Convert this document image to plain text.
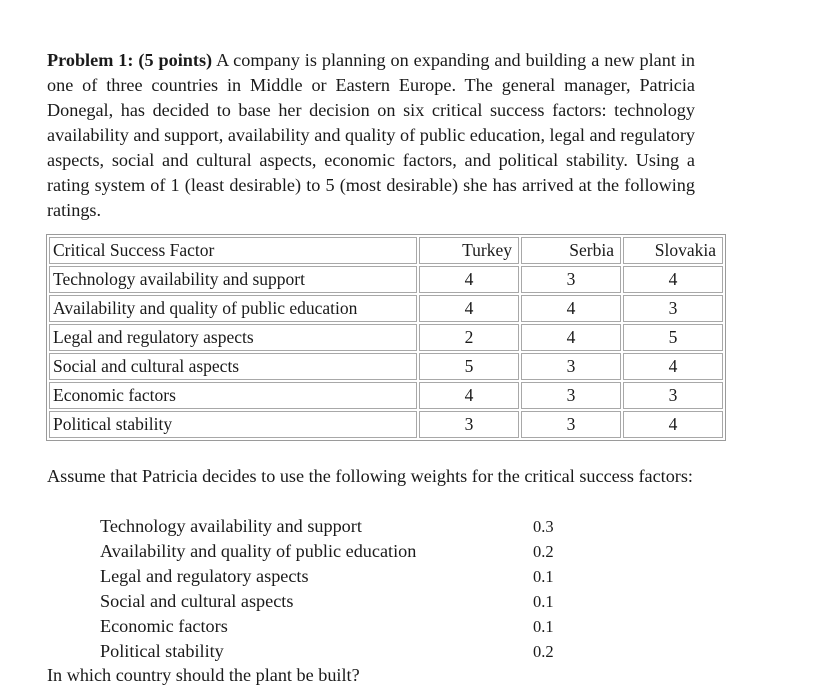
Problem 1: (5 points) A company is planning on expanding and building a new plant in one of three countries in Middle or Eastern Europe. The general manager, Patricia Donegal, has decided to base her decision on six critical success factors: technology availability and support, availability and quality of public education, legal and regulatory aspects, social and cultural aspects, economic factors, and political stability. Using a rating system of 1 (least desirable) to 5 (most desirable) she has arrived at the following ratings.
Critical Success Factor	Turkey	Serbia	Slovakia
Technology availability and support	4	3	4
Availability and quality of public education	4	4	3
Legal and regulatory aspects	2	4	5
Social and cultural aspects	5	3	4
Economic factors	4	3	3
Political stability	3	3	4
Assume that Patricia decides to use the following weights for the critical success factors:
Technology availability and support	0.3
Availability and quality of public education	0.2
Legal and regulatory aspects	0.1
Social and cultural aspects	0.1
Economic factors	0.1
Political stability	0.2
In which country should the plant be built?
